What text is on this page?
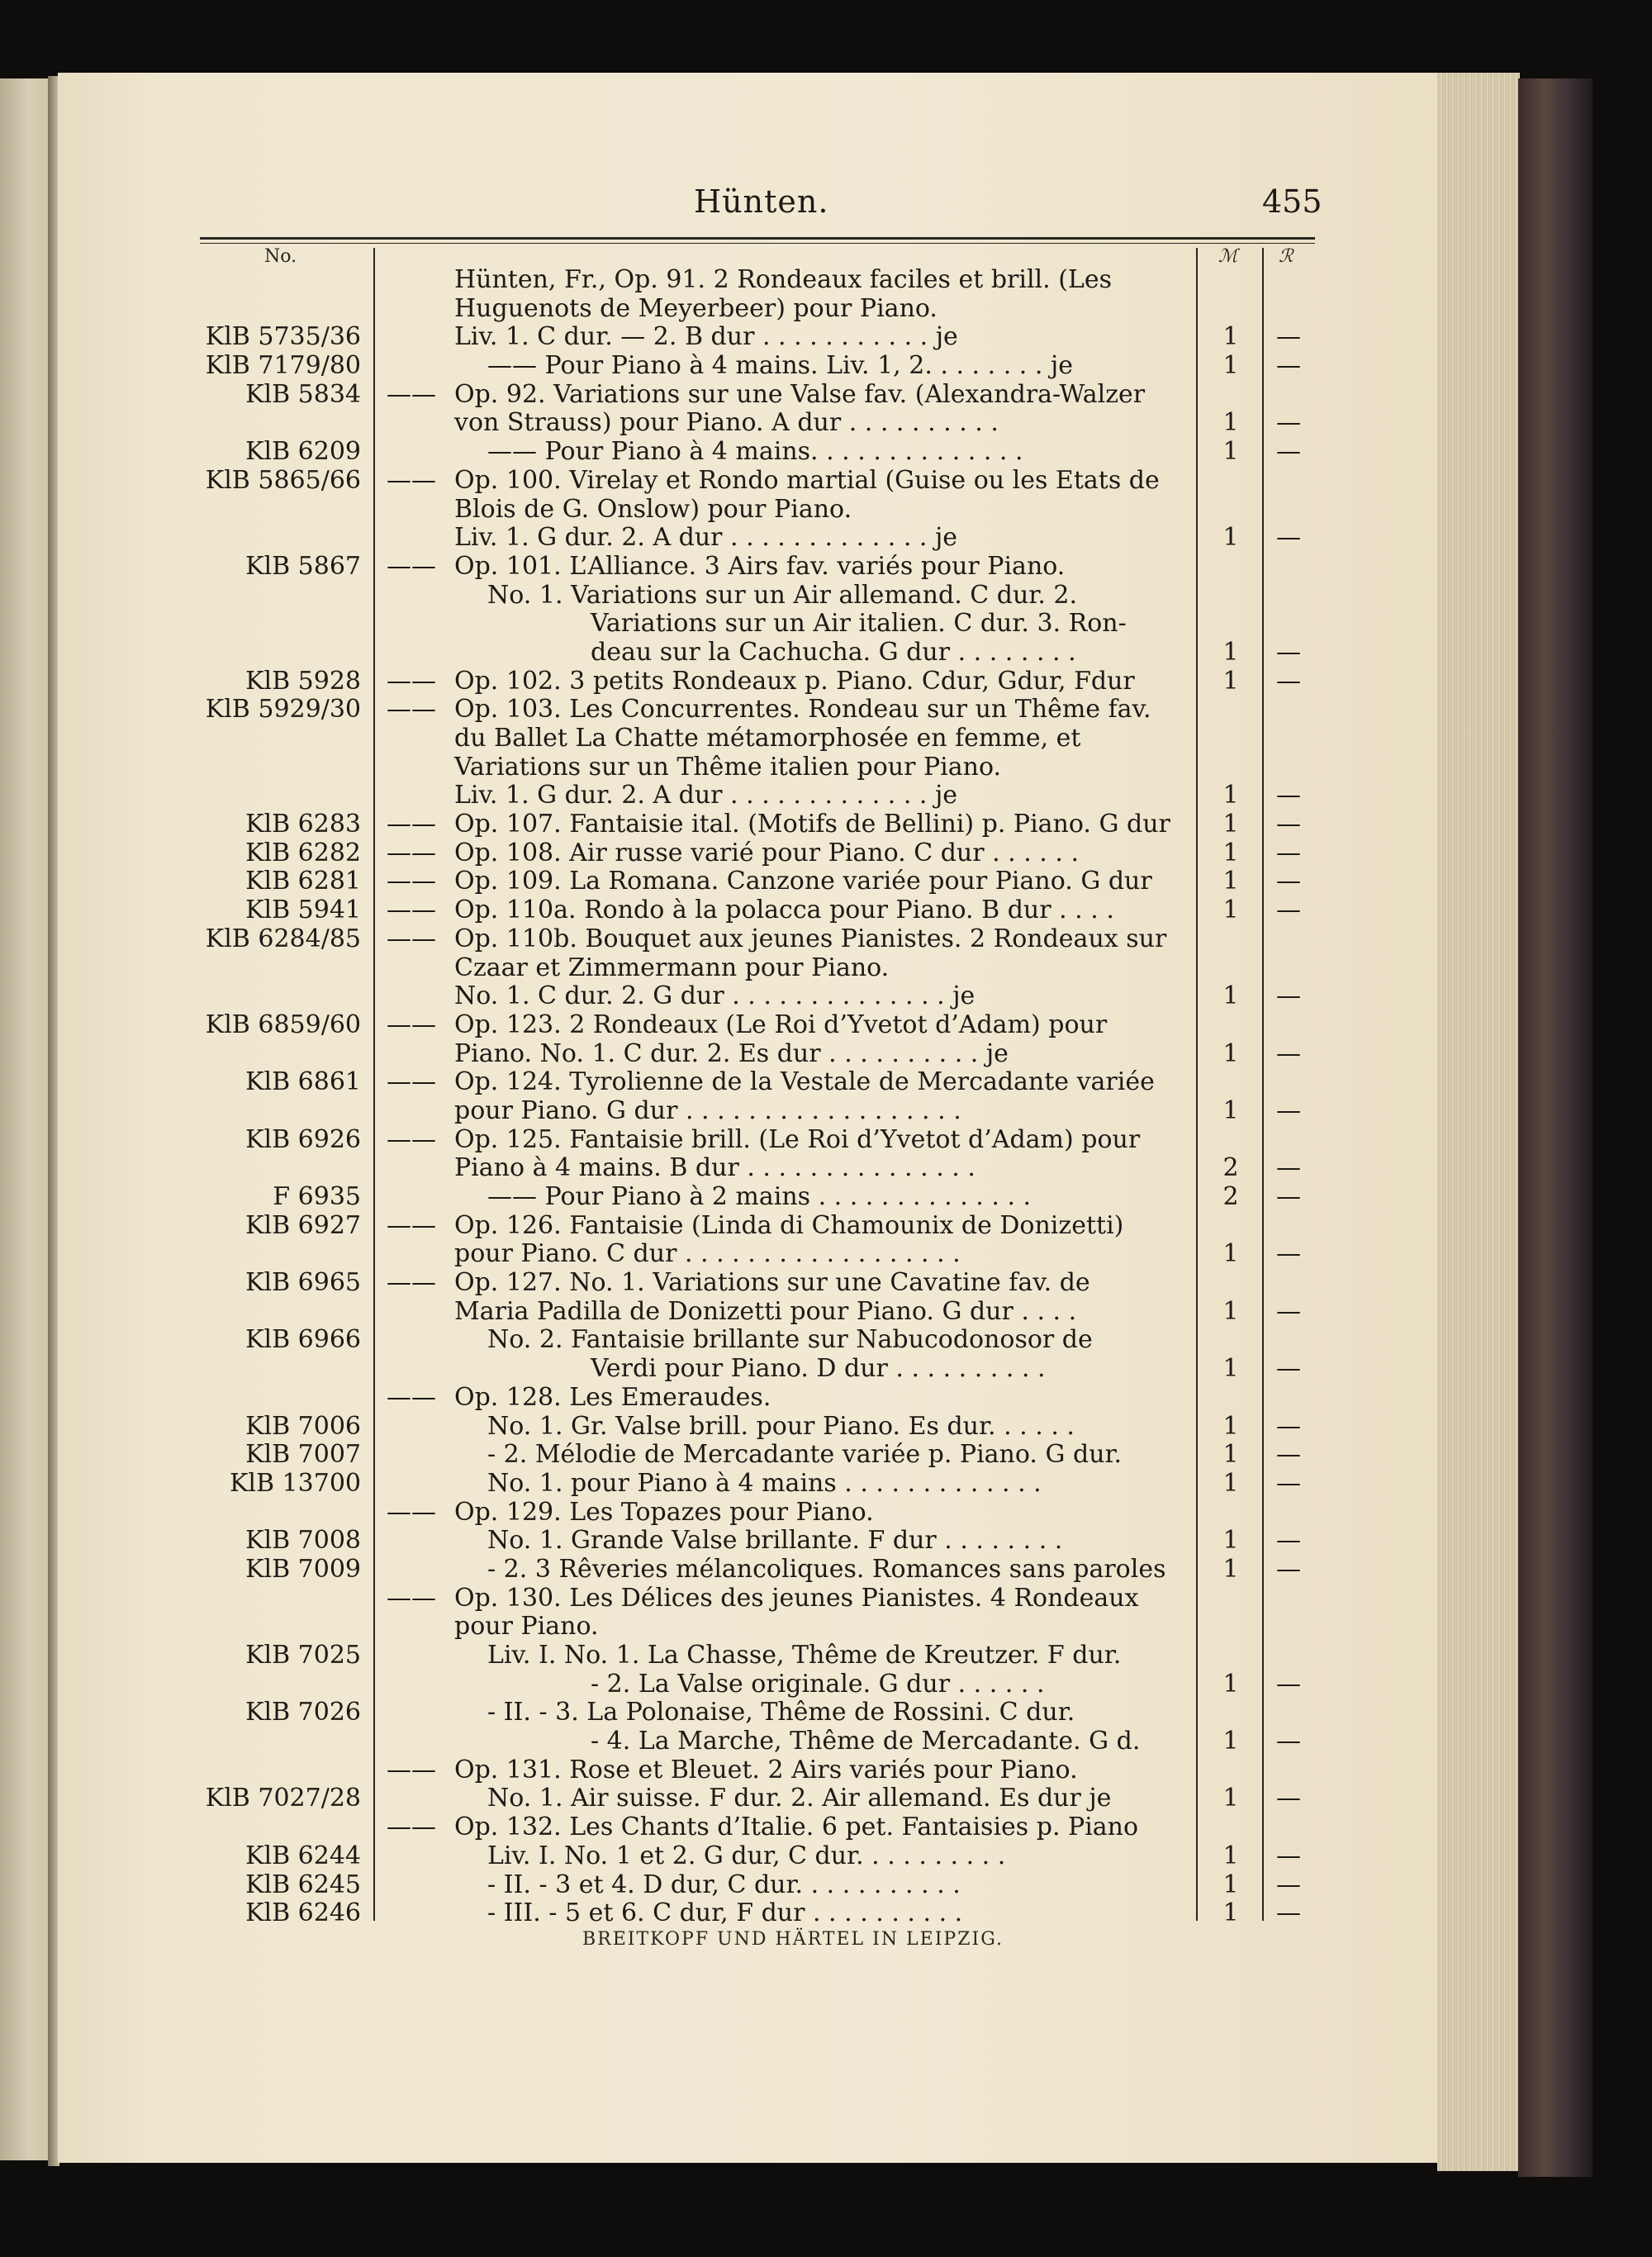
Hünten.	455
No.	ℳ ℛ
Hünten, Fr., Op. 91. 2 Rondeaux faciles et brill. (Les
Huguenots de Meyerbeer) pour Piano.
KlB 5735/36	Liv. 1. C dur. — 2. B dur . . . . . . . . . . . je	1	—
KlB 7179/80	—— Pour Piano à 4 mains. Liv. 1, 2. . . . . . . . je	1	—
KlB 5834 —— Op. 92. Variations sur une Valse fav. (Alexandra-Walzer
von Strauss) pour Piano. A dur . . . . . . . . . .	1	—
KlB 6209	—— Pour Piano à 4 mains. . . . . . . . . . . . . .	1	—
KlB 5865/66 —— Op. 100. Virelay et Rondo martial (Guise ou les Etats de
Blois de G. Onslow) pour Piano.
Liv. 1. G dur. 2. A dur . . . . . . . . . . . . . je	1	—
KlB 5867 —— Op. 101. L’Alliance. 3 Airs fav. variés pour Piano.
No. 1. Variations sur un Air allemand. C dur. 2.
Variations sur un Air italien. C dur. 3. Ron-
deau sur la Cachucha. G dur . . . . . . . .	1	—
KlB 5928 —— Op. 102. 3 petits Rondeaux p. Piano. Cdur, Gdur, Fdur	1	—
KlB 5929/30 —— Op. 103. Les Concurrentes. Rondeau sur un Thême fav.
du Ballet La Chatte métamorphosée en femme, et
Variations sur un Thême italien pour Piano.
Liv. 1. G dur. 2. A dur . . . . . . . . . . . . . je	1	—
KlB 6283 —— Op. 107. Fantaisie ital. (Motifs de Bellini) p. Piano. G dur	1	—
KlB 6282 —— Op. 108. Air russe varié pour Piano. C dur . . . . . .	1	—
KlB 6281 —— Op. 109. La Romana. Canzone variée pour Piano. G dur	1	—
KlB 5941 —— Op. 110a. Rondo à la polacca pour Piano. B dur . . . .	1	—
KlB 6284/85 —— Op. 110b. Bouquet aux jeunes Pianistes. 2 Rondeaux sur
Czaar et Zimmermann pour Piano.
No. 1. C dur. 2. G dur . . . . . . . . . . . . . . je	1	—
KlB 6859/60 —— Op. 123. 2 Rondeaux (Le Roi d’Yvetot d’Adam) pour
Piano. No. 1. C dur. 2. Es dur . . . . . . . . . . je	1	—
KlB 6861 —— Op. 124. Tyrolienne de la Vestale de Mercadante variée
pour Piano. G dur . . . . . . . . . . . . . . . . . .	1	—
KlB 6926 —— Op. 125. Fantaisie brill. (Le Roi d’Yvetot d’Adam) pour
Piano à 4 mains. B dur . . . . . . . . . . . . . . .	2	—
F 6935	—— Pour Piano à 2 mains . . . . . . . . . . . . . .	2	—
KlB 6927 —— Op. 126. Fantaisie (Linda di Chamounix de Donizetti)
pour Piano. C dur . . . . . . . . . . . . . . . . . .	1	—
KlB 6965 —— Op. 127. No. 1. Variations sur une Cavatine fav. de
Maria Padilla de Donizetti pour Piano. G dur . . . .	1	—
KlB 6966	No. 2. Fantaisie brillante sur Nabucodonosor de
Verdi pour Piano. D dur . . . . . . . . . .	1	—
—— Op. 128. Les Emeraudes.
KlB 7006	No. 1. Gr. Valse brill. pour Piano. Es dur. . . . . .	1	—
KlB 7007	- 2. Mélodie de Mercadante variée p. Piano. G dur.	1	—
KlB 13700	No. 1. pour Piano à 4 mains . . . . . . . . . . . . .	1	—
—— Op. 129. Les Topazes pour Piano.
KlB 7008	No. 1. Grande Valse brillante. F dur . . . . . . . .	1	—
KlB 7009	- 2. 3 Rêveries mélancoliques. Romances sans paroles	1	—
—— Op. 130. Les Délices des jeunes Pianistes. 4 Rondeaux
pour Piano.
KlB 7025	Liv. I. No. 1. La Chasse, Thême de Kreutzer. F dur.
- 2. La Valse originale. G dur . . . . . .	1	—
KlB 7026	- II. - 3. La Polonaise, Thême de Rossini. C dur.
- 4. La Marche, Thême de Mercadante. G d.	1	—
—— Op. 131. Rose et Bleuet. 2 Airs variés pour Piano.
KlB 7027/28	No. 1. Air suisse. F dur. 2. Air allemand. Es dur je	1	—
—— Op. 132. Les Chants d’Italie. 6 pet. Fantaisies p. Piano
KlB 6244	Liv. I. No. 1 et 2. G dur, C dur. . . . . . . . . .	1	—
KlB 6245	- II. - 3 et 4. D dur, C dur. . . . . . . . . . .	1	—
KlB 6246	- III. - 5 et 6. C dur, F dur . . . . . . . . . .	1	—
BREITKOPF UND HÄRTEL IN LEIPZIG.
